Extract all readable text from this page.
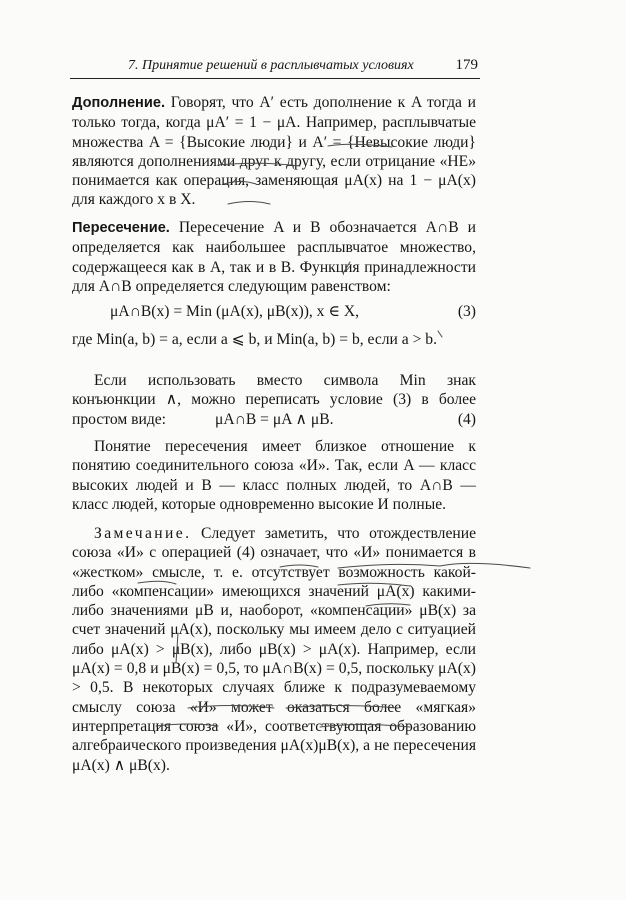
7. Принятие решений в расплывчатых условиях	179
Дополнение. Говорят, что A′ есть дополнение к A тогда и только тогда, когда μA′ = 1 − μA. Например, расплывчатые множества A = {Высокие люди} и A′ = {Невысокие люди} являются дополнениями друг к другу, если отрицание «НЕ» понимается как операция, заменяющая μA(x) на 1 − μA(x) для каждого x в X.
Пересечение. Пересечение A и B обозначается A∩B и определяется как наибольшее расплывчатое множество, содержащееся как в A, так и в B. Функция принадлежности для A∩B определяется следующим равенством:
μA∩B(x) = Min (μA(x), μB(x)), x ∈ X,	(3)
где Min(a, b) = a, если a ⩽ b, и Min(a, b) = b, если a > b.
Если использовать вместо символа Min знак конъюнкции ∧, можно переписать условие (3) в более простом виде:	μA∩B = μA ∧ μB.	(4)
Понятие пересечения имеет близкое отношение к понятию соединительного союза «И». Так, если A — класс высоких людей и B — класс полных людей, то A∩B — класс людей, которые одновременно высокие И полные.
Замечание. Следует заметить, что отождествление союза «И» с операцией (4) означает, что «И» понимается в «жестком» смысле, т. е. отсутствует возможность какой-либо «компенсации» имеющихся значений μA(x) какими-либо значениями μB и, наоборот, «компенсации» μB(x) за счет значений μA(x), поскольку мы имеем дело с ситуацией либо μA(x) > μB(x), либо μB(x) > μA(x). Например, если μA(x) = 0,8 и μB(x) = 0,5, то μA∩B(x) = 0,5, поскольку μA(x) > 0,5. В некоторых случаях ближе к подразумеваемому смыслу союза «И» может оказаться более «мягкая» интерпретация союза «И», соответствующая образованию алгебраического произведения μA(x)μB(x), а не пересечения μA(x) ∧ μB(x).
